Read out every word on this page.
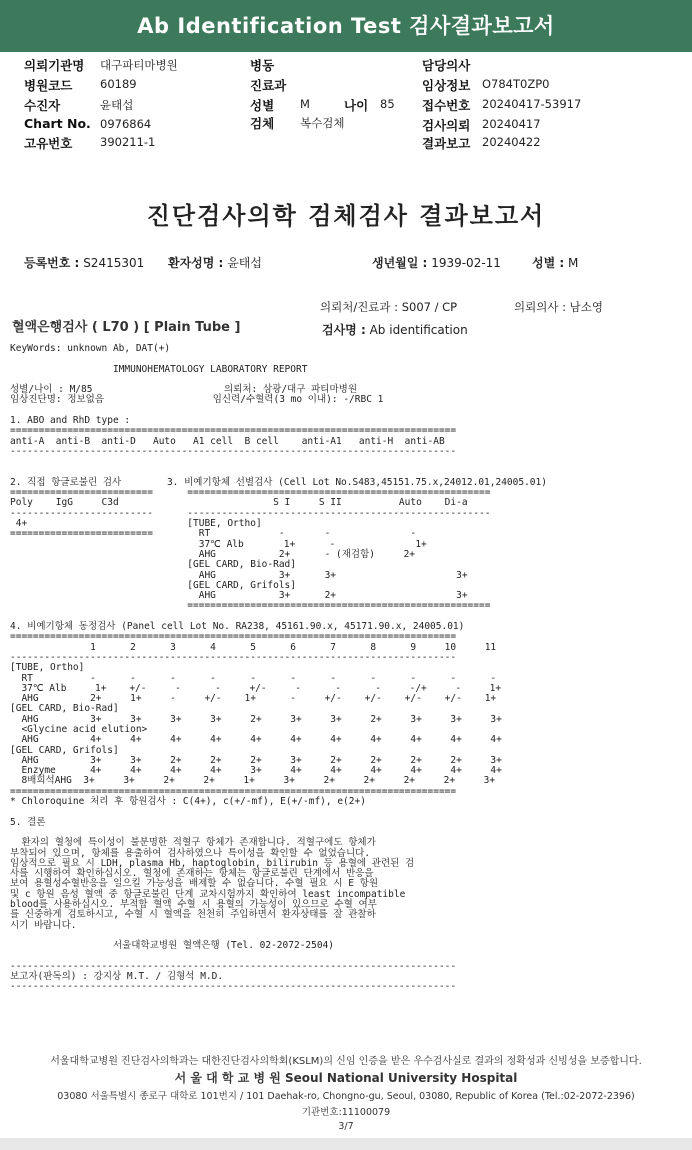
Ab Identification Test 검사결과보고서
의뢰기관명 대구파티마병원
병원코드 60189
수진자	윤태섭
Chart No. 0976864
고유번호 390211-1
병동
진료과
성별 M	나이 85
검체 복수검체
담당의사
임상정보 O784T0ZP0
접수번호 20240417-53917
검사의뢰 20240417
결과보고 20240422
진단검사의학 검체검사 결과보고서
등록번호 : S2415301 환자성명 : 윤태섭	생년월일 : 1939-02-11	성별 : M
의뢰처/진료과 : S007 / CP	의뢰의사 : 남소영
혈액은행검사 ( L70 ) [ Plain Tube ]	검사명 : Ab identification
KeyWords: unknown Ab, DAT(+)

IMMUNOHEMATOLOGY LABORATORY REPORT

성별/나이 : M/85                       의뢰처: 삼광/대구 파티마병원
임상진단명: 정보없음                   임신력/수혈력(3 mo 이내): -/RBC 1

1. ABO and RhD type :
==============================================================================
anti-A  anti-B  anti-D   Auto   A1 cell  B cell    anti-A1   anti-H  anti-AB
------------------------------------------------------------------------------

2. 직접 항글로불린 검사        3. 비예기항체 선별검사 (Cell Lot No.S483,45151.75.x,24012.01,24005.01)
=========================      =====================================================
Poly    IgG     C3d                           S I     S II          Auto    Di-a
-------------------------      -----------------------------------------------------
4+                            [TUBE, Ortho]
=========================        RT            -       -              -
37℃ Alb       1+      -              1+
AHG           2+      - (재검함)     2+
[GEL CARD, Bio-Rad]
AHG           3+      3+                     3+
[GEL CARD, Grifols]
AHG           3+      2+                     3+
=====================================================

4. 비예기항체 동정검사 (Panel cell Lot No. RA238, 45161.90.x, 45171.90.x, 24005.01)
==============================================================================
1      2      3      4      5      6      7      8      9     10     11
------------------------------------------------------------------------------
[TUBE, Ortho]
RT          -      -      -      -      -      -      -      -      -      -      -
37℃ Alb     1+    +/-     -      -     +/-     -      -      -     -/+     -     1+
AHG         2+     1+     -     +/-    1+      -     +/-    +/-    +/-    +/-    1+
[GEL CARD, Bio-Rad]
AHG         3+     3+     3+     3+     2+     3+     3+     2+     3+     3+     3+
<Glycine acid elution>
AHG         4+     4+     4+     4+     4+     4+     4+     4+     4+     4+     4+
[GEL CARD, Grifols]
AHG         3+     3+     2+     2+     2+     3+     2+     2+     2+     2+     3+
Enzyme      4+     4+     4+     4+     3+     4+     4+     4+     4+     4+     4+
8배희석AHG  3+     3+     2+     2+     1+     3+     2+     2+     2+     2+     3+
==============================================================================
* Chloroquine 처리 후 항원검사 : C(4+), c(+/-mf), E(+/-mf), e(2+)

5. 결론

환자의 혈청에 특이성이 불분명한 적혈구 항체가 존재합니다. 적혈구에도 항체가
부착되어 있으며, 항체를 용출하여 검사하였으나 특이성을 확인할 수 없었습니다.
임상적으로 필요 시 LDH, plasma Hb, haptoglobin, bilirubin 등 용혈에 관련된 검
사를 시행하여 확인하십시오. 혈청에 존재하는 항체는 항글로불린 단계에서 반응을
보여 용혈성수혈반응을 일으킬 가능성을 배제할 수 없습니다. 수혈 필요 시 E 항원
및 c 항원 음성 혈액 중 항글로불린 단계 교차시험까지 확인하여 least incompatible
blood를 사용하십시오. 부적합 혈액 수혈 시 용혈의 가능성이 있으므로 수혈 여부
를 신중하게 검토하시고, 수혈 시 혈액을 천천히 주입하면서 환자상태를 잘 관찰하
시기 바랍니다.

서울대학교병원 혈액은행 (Tel. 02-2072-2504)

------------------------------------------------------------------------------
보고자(판독의) : 강지상 M.T. / 김형석 M.D.
------------------------------------------------------------------------------

서울대학교병원 진단검사의학과는 대한진단검사의학회(KSLM)의 신임 인증을 받은 우수검사실로 결과의 정확성과 신빙성을 보증합니다.
서 울 대 학 교 병 원 Seoul National University Hospital
03080 서울특별시 종로구 대학로 101번지 / 101 Daehak-ro, Chongno-gu, Seoul, 03080, Republic of Korea (Tel.:02-2072-2396)
기관번호:11100079
3/7
